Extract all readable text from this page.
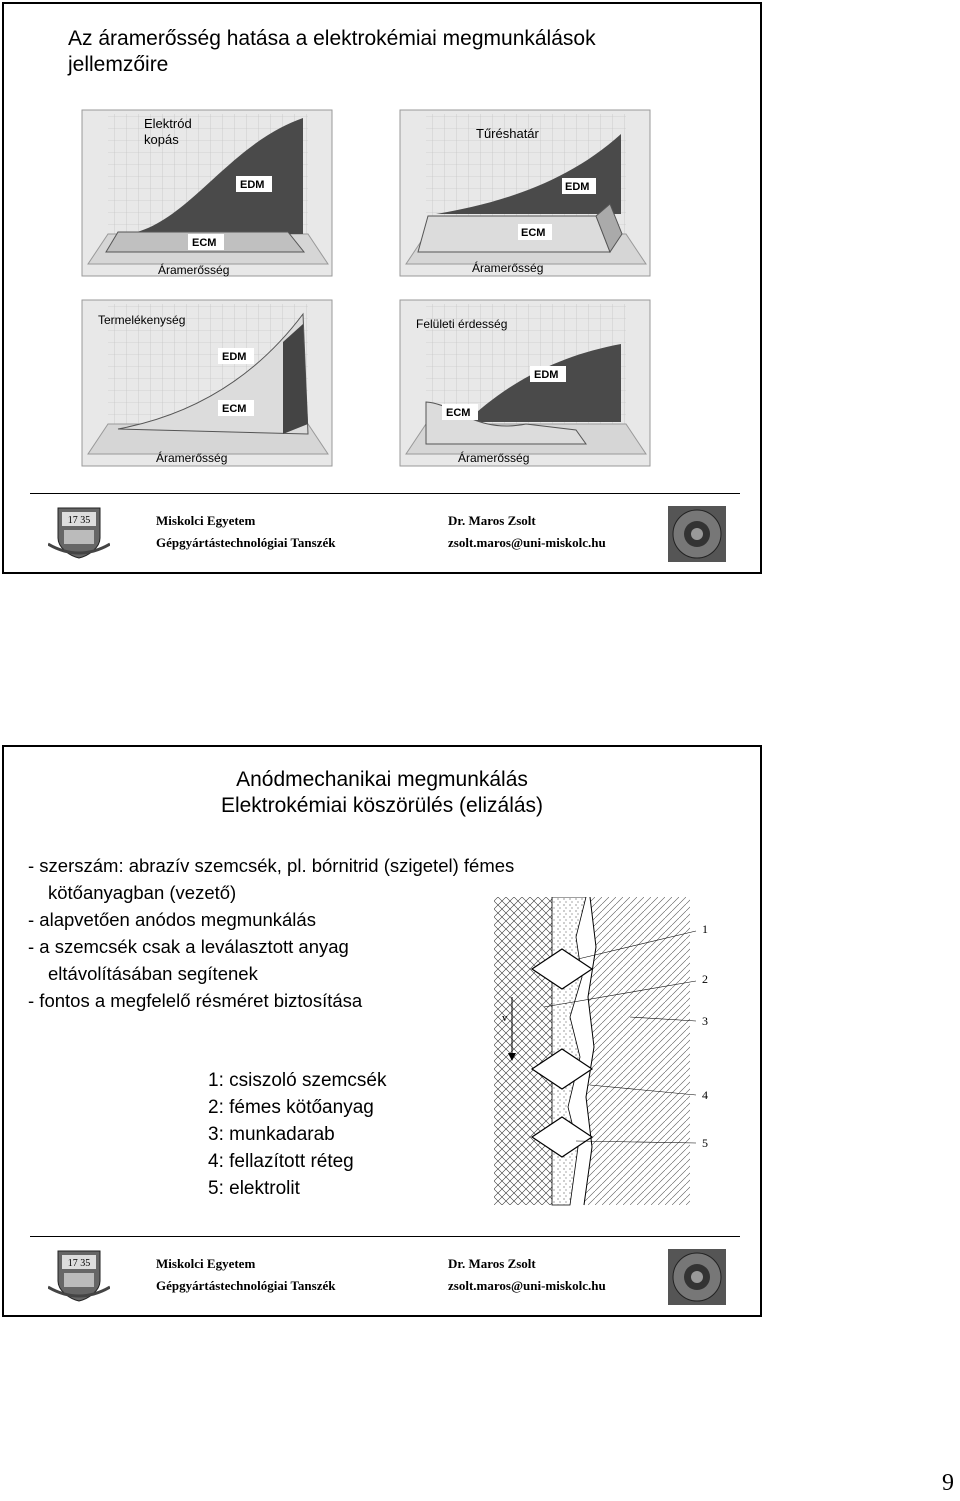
Az áramerősség hatása a elektrokémiai megmunkálások jellemzőire
Elektród
kopás
EDM
ECM
Áramerősség
Tűréshatár
EDM
ECM
Áramerősség
Termelékenység
EDM
ECM
Áramerősség
Felületi érdesség
EDM
ECM
Áramerősség
17 35	Miskolci Egyetem
Gépgyártástechnológiai Tanszék
Dr. Maros Zsolt
zsolt.maros@uni-miskolc.hu
Anódmechanikai megmunkálás
Elektrokémiai köszörülés (elizálás)
- szerszám: abrazív szemcsék, pl. bórnitrid (szigetel) fémes
kötőanyagban (vezető)
- alapvetően anódos megmunkálás
- a szemcsék csak a leválasztott anyag
eltávolításában segítenek
- fontos a megfelelő résméret biztosítása
v
1
2
3
4
5
1: csiszoló szemcsék
2: fémes kötőanyag
3: munkadarab
4: fellazított réteg
5: elektrolit
17 35	Miskolci Egyetem
Gépgyártástechnológiai Tanszék
Dr. Maros Zsolt
zsolt.maros@uni-miskolc.hu
9
